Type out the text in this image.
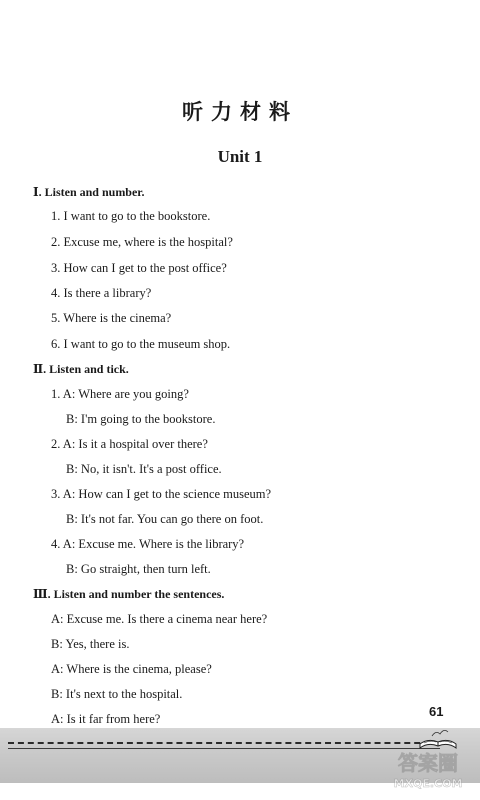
听力材料
Unit 1
Ⅰ. Listen and number.
1. I want to go to the bookstore.
2. Excuse me, where is the hospital?
3. How can I get to the post office?
4. Is there a library?
5. Where is the cinema?
6. I want to go to the museum shop.
Ⅱ. Listen and tick.
1. A: Where are you going?
B: I'm going to the bookstore.
2. A: Is it a hospital over there?
B: No, it isn't. It's a post office.
3. A: How can I get to the science museum?
B: It's not far. You can go there on foot.
4. A: Excuse me. Where is the library?
B: Go straight, then turn left.
Ⅲ. Listen and number the sentences.
A: Excuse me. Is there a cinema near here?
B: Yes, there is.
A: Where is the cinema, please?
B: It's next to the hospital.
A: Is it far from here?	61
答案圈
MXQE.COM
